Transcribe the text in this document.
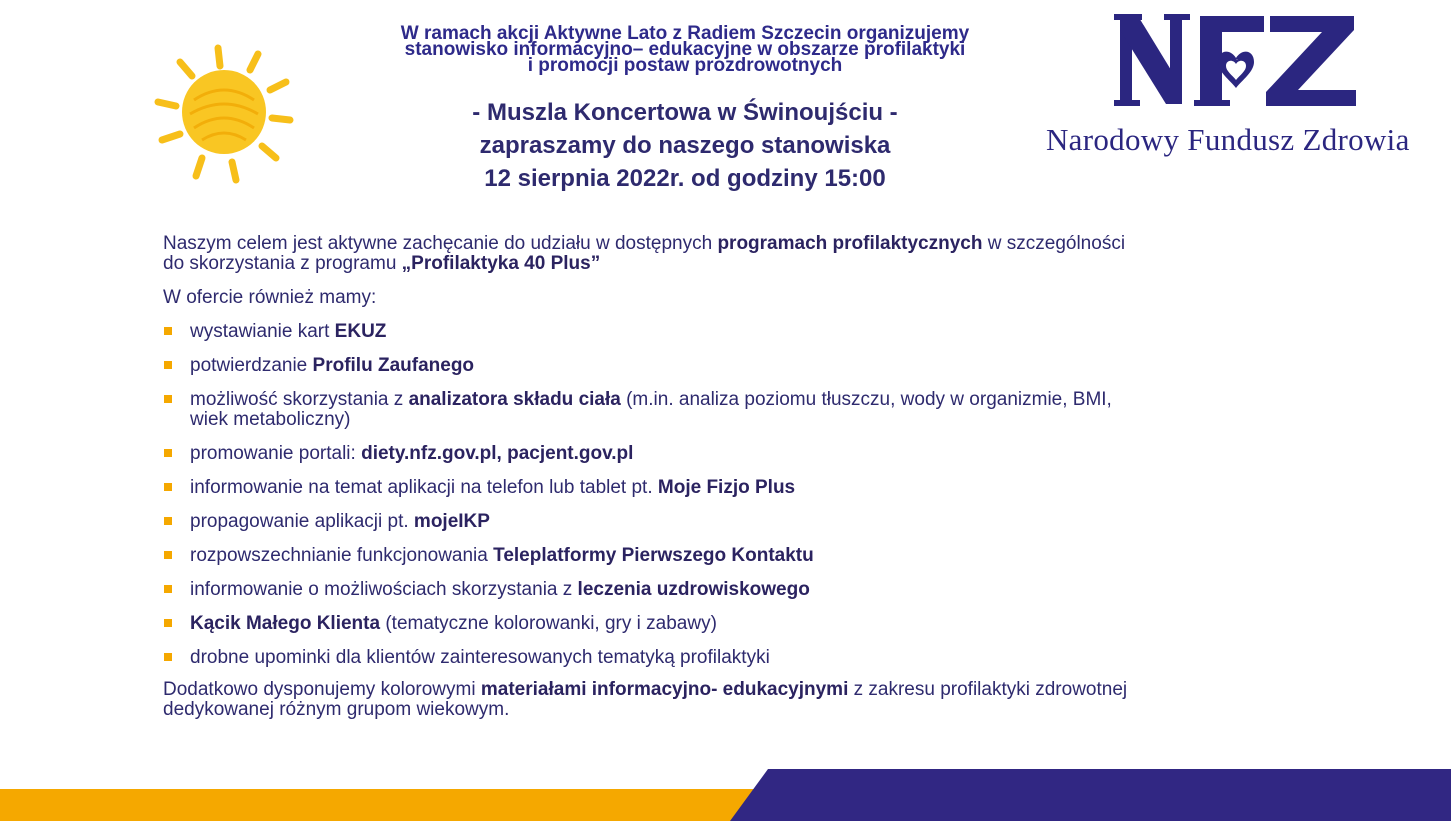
W ramach akcji Aktywne Lato z Radiem Szczecin organizujemy
stanowisko informacyjno– edukacyjne w obszarze profilaktyki
i promocji postaw prozdrowotnych

- Muszla Koncertowa w Świnoujściu -
zapraszamy do naszego stanowiska
12 sierpnia 2022r. od godziny 15:00
NFZ
Narodowy Fundusz Zdrowia

Naszym celem jest aktywne zachęcanie do udziału w dostępnych programach profilaktycznych w szczególności
do skorzystania z programu „Profilaktyka 40 Plus”

W ofercie również mamy:

wystawianie kart EKUZ
potwierdzanie Profilu Zaufanego
możliwość skorzystania z analizatora składu ciała (m.in. analiza poziomu tłuszczu, wody w organizmie, BMI,
wiek metaboliczny)
promowanie portali: diety.nfz.gov.pl, pacjent.gov.pl
informowanie na temat aplikacji na telefon lub tablet pt. Moje Fizjo Plus
propagowanie aplikacji pt. mojeIKP
rozpowszechnianie funkcjonowania Teleplatformy Pierwszego Kontaktu
informowanie o możliwościach skorzystania z leczenia uzdrowiskowego
Kącik Małego Klienta (tematyczne kolorowanki, gry i zabawy)
drobne upominki dla klientów zainteresowanych tematyką profilaktyki

Dodatkowo dysponujemy kolorowymi materiałami informacyjno- edukacyjnymi z zakresu profilaktyki zdrowotnej
dedykowanej różnym grupom wiekowym.
